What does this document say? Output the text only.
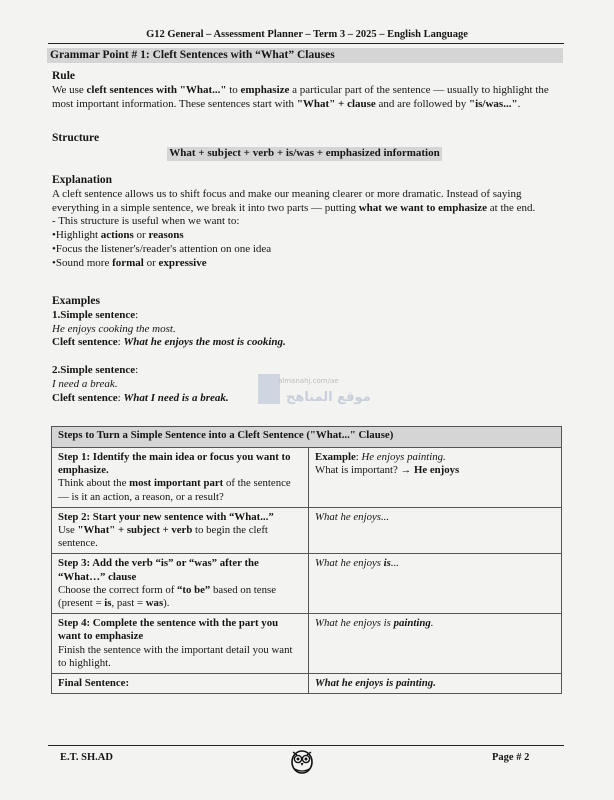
G12 General – Assessment Planner – Term 3 – 2025 – English Language
Grammar Point # 1: Cleft Sentences with “What” Clauses
Rule
We use cleft sentences with "What..." to emphasize a particular part of the sentence — usually to highlight the most important information. These sentences start with "What" + clause and are followed by "is/was...".
Structure
What + subject + verb + is/was + emphasized information
Explanation
A cleft sentence allows us to shift focus and make our meaning clearer or more dramatic. Instead of saying everything in a simple sentence, we break it into two parts — putting what we want to emphasize at the end.
- This structure is useful when we want to:
•Highlight actions or reasons
•Focus the listener's/reader's attention on one idea
•Sound more formal or expressive
Examples
1.Simple sentence:
He enjoys cooking the most.
Cleft sentence: What he enjoys the most is cooking.
2.Simple sentence:
I need a break.
Cleft sentence: What I need is a break.
almanahj.com/ae
موقع المناهج
Steps to Turn a Simple Sentence into a Cleft Sentence ("What..." Clause)	
Step 1: Identify the main idea or focus you want to emphasize.
Think about the most important part of the sentence — is it an action, a reason, or a result?	Example: He enjoys painting.
What is important? → He enjoys
Step 2: Start your new sentence with “What...”
Use "What" + subject + verb to begin the cleft sentence.	What he enjoys...
Step 3: Add the verb “is” or “was” after the “What…” clause
Choose the correct form of “to be” based on tense (present = is, past = was).	What he enjoys is...
Step 4: Complete the sentence with the part you want to emphasize
Finish the sentence with the important detail you want to highlight.	What he enjoys is painting.
Final Sentence:	What he enjoys is painting.
E.T. SH.AD	Page # 2
